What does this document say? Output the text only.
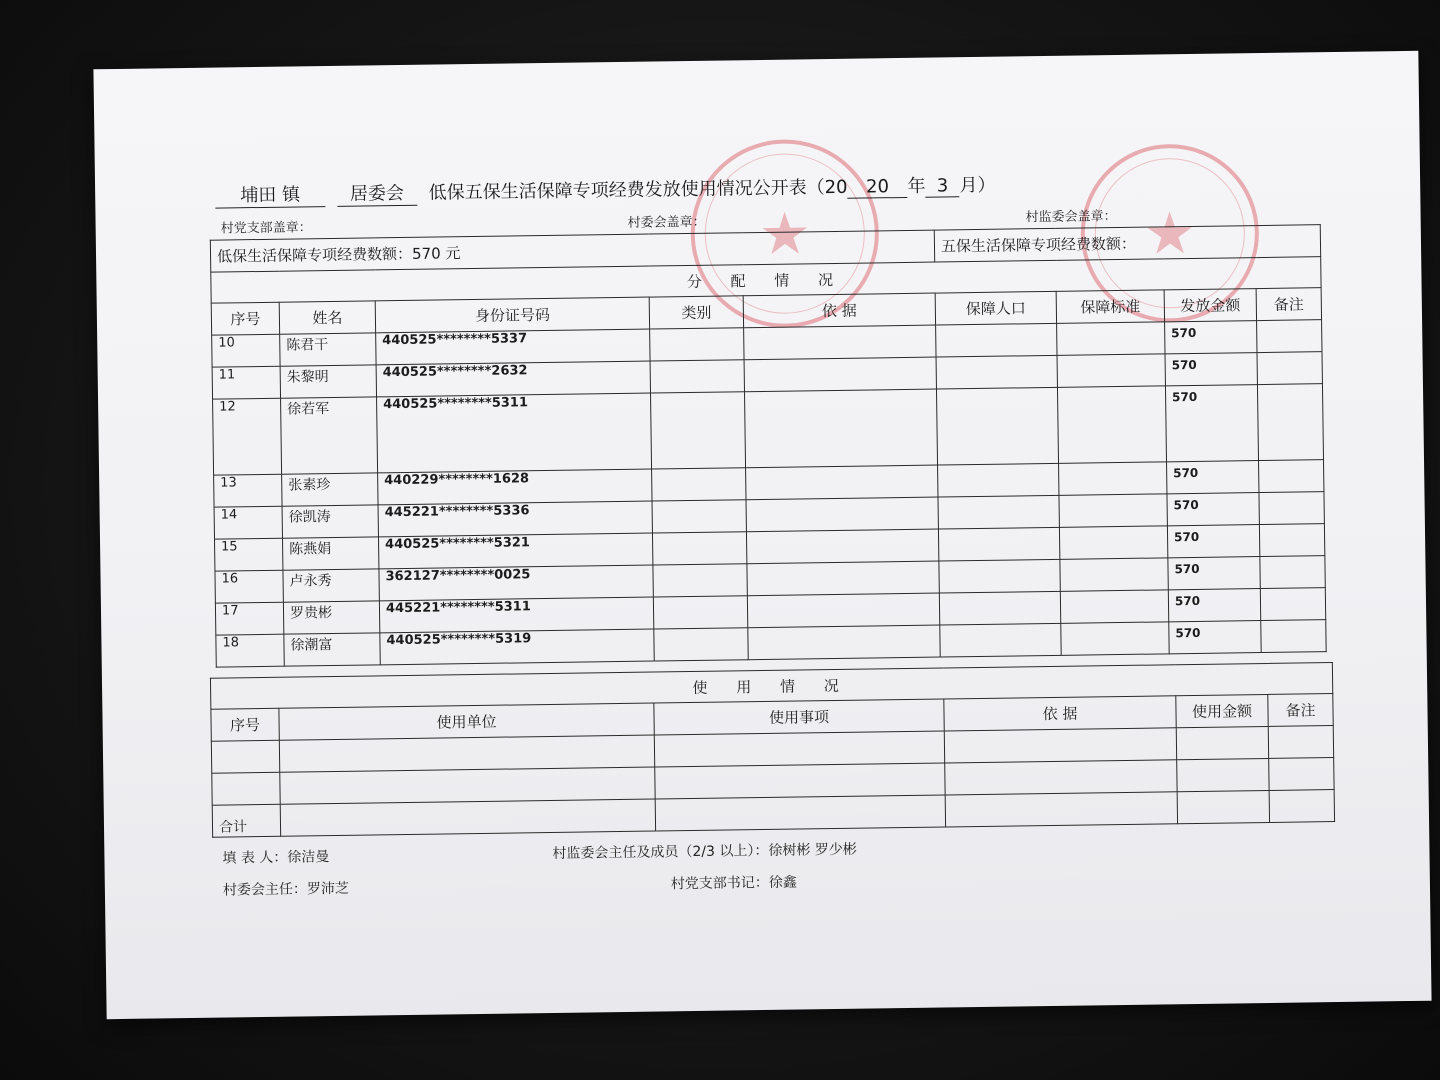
★	★
埔田 镇	居委会 低保五保生活保障专项经费发放使用情况公开表（20 20 年 3 月）
村党支部盖章：	村委会盖章：	村监委会盖章：
低保生活保障专项经费数额：570 元					五保生活保障专项经费数额：			
分 配 情 况								
序号	姓名	身份证号码	类别	依 据	保障人口	保障标准	发放金额	备注
10	陈君干	440525********5337					570	
11	朱黎明	440525********2632					570	
12	徐若军	440525********5311					570	
13	张素珍	440229********1628					570	
14	徐凯涛	445221********5336					570	
15	陈燕娟	440525********5321					570	
16	卢永秀	362127********0025					570	
17	罗贵彬	445221********5311					570	
18	徐潮富	440525********5319					570	
使 用 情 况					
序号	使用单位	使用事项	依 据	使用金额	备注

合计					
填 表 人：徐洁曼	村监委会主任及成员（2/3 以上）：徐树彬 罗少彬
村委会主任：罗沛芝	村党支部书记：徐鑫
